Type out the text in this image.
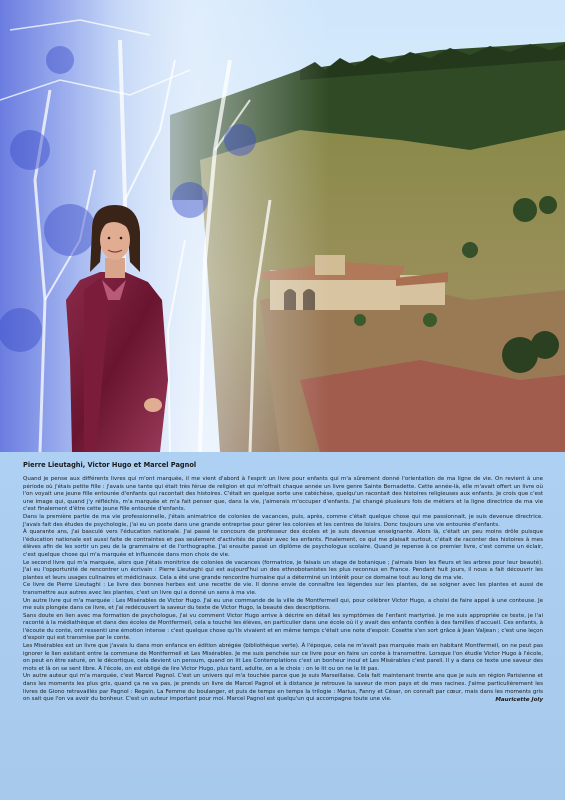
Pierre Lieutaghi, Victor Hugo et Marcel Pagnol
Quand je pense aux différents livres qui m'ont marquée, il me vient d'abord à l'esprit un livre pour enfants qui m'a sûrement donné l'orientation de ma ligne de vie. On revient à une période où j'étais petite fille : j'avais une tante qui était très férue de religion et qui m'offrait chaque année un livre genre Sainte Bernadette. Cette année-là, elle m'avait offert un livre où l'on voyait une jeune fille entourée d'enfants qui racontait des histoires. C'était en quelque sorte une catéchèse, quelqu'un racontait des histoires religieuses aux enfants. Je crois que c'est une image qui, quand j'y réfléchis, m'a marquée et m'a fait penser que, dans la vie, j'aimerais m'occuper d'enfants. J'ai changé plusieurs fois de métiers et la ligne directrice de ma vie c'est finalement d'être cette jeune fille entourée d'enfants.
Dans la première partie de ma vie professionnelle, j'étais animatrice de colonies de vacances, puis, après, comme c'était quelque chose qui me passionnait, je suis devenue directrice. J'avais fait des études de psychologie, j'ai eu un poste dans une grande entreprise pour gérer les colonies et les centres de loisirs. Donc toujours une vie entourée d'enfants.
À quarante ans, j'ai basculé vers l'éducation nationale. J'ai passé le concours de professeur des écoles et je suis devenue enseignante. Alors là, c'était un peu moins drôle puisque l'éducation nationale est aussi faite de contraintes et pas seulement d'activités de plaisir avec les enfants. Finalement, ce qui me plaisait surtout, c'était de raconter des histoires à mes élèves afin de les sortir un peu de la grammaire et de l'orthographe. J'ai ensuite passé un diplôme de psychologue scolaire. Quand je repense à ce premier livre, c'est comme un éclair, c'est quelque chose qui m'a marquée et influencée dans mon choix de vie.
Le second livre qui m'a marquée, alors que j'étais monitrice de colonies de vacances (formatrice, je faisais un stage de botanique ; j'aimais bien les fleurs et les arbres pour leur beauté). J'ai eu l'opportunité de rencontrer un écrivain : Pierre Lieutaghi qui est aujourd'hui un des ethnobotanistes les plus reconnus en France. Pendant huit jours, il nous a fait découvrir les plantes et leurs usages culinaires et médicinaux. Cela a été une grande rencontre humaine qui a déterminé un intérêt pour ce domaine tout au long de ma vie.
Ce livre de Pierre Lieutaghi : Le livre des bonnes herbes est une recette de vie. Il donne envie de connaître les légendes sur les plantes, de se soigner avec les plantes et aussi de transmettre aux autres avec les plantes, c'est un livre qui a donné un sens à ma vie.
Un autre livre qui m'a marquée : Les Misérables de Victor Hugo. J'ai eu une commande de la ville de Montfermeil qui, pour célébrer Victor Hugo, a choisi de faire appel à une conteuse. Je me suis plongée dans ce livre, et j'ai redécouvert la saveur du texte de Victor Hugo, la beauté des descriptions.
Sans doute en lien avec ma formation de psychologue, j'ai vu comment Victor Hugo arrive à décrire en détail les symptômes de l'enfant martyrisé. Je me suis appropriée ce texte, je l'ai raconté à la médiathèque et dans des écoles de Montfermeil, cela a touché les élèves, en particulier dans une école où il y avait des enfants confiés à des familles d'accueil. Ces enfants, à l'écoute du conte, ont ressenti une émotion intense : c'est quelque chose qu'ils vivaient et en même temps c'était une note d'espoir. Cosette s'en sort grâce à Jean Valjean ; c'est une leçon d'espoir qui est transmise par le conte.
Les Misérables est un livre que j'avais lu dans mon enfance en édition abrégée (bibliothèque verte). À l'époque, cela ne m'avait pas marquée mais en habitant Montfermeil, on ne peut pas ignorer le lien existant entre la commune de Montfermeil et Les Misérables. Je me suis penchée sur ce livre pour en faire un conte à transmettre. Lorsque l'on étudie Victor Hugo à l'école, on peut en être saturé, on le décortique, cela devient un pensum, quand on lit Les Contemplations c'est un bonheur inouï et Les Misérables c'est pareil. Il y a dans ce texte une saveur des mots et là on se sent libre. À l'école, on est obligé de lire Victor Hugo, plus tard, adulte, on a le choix : on le lit ou on ne le lit pas.
Un autre auteur qui m'a marquée, c'est Marcel Pagnol. C'est un univers qui m'a touchée parce que je suis Marseillaise. Cela fait maintenant trente ans que je suis en région Parisienne et dans les moments les plus gris, quand ça ne va pas, je prends un livre de Marcel Pagnol et à distance je retrouve la saveur de mon pays et de mes racines. J'aime particulièrement les livres de Giono retravaillés par Pagnol : Regain, La Femme du boulanger, et puis de temps en temps la trilogie : Marius, Fanny et César, on connaît par cœur, mais dans les moments gris on sait que l'on va avoir du bonheur. C'est un auteur important pour moi. Marcel Pagnol est quelqu'un qui accompagne toute une vie.	Mauricette Joly
